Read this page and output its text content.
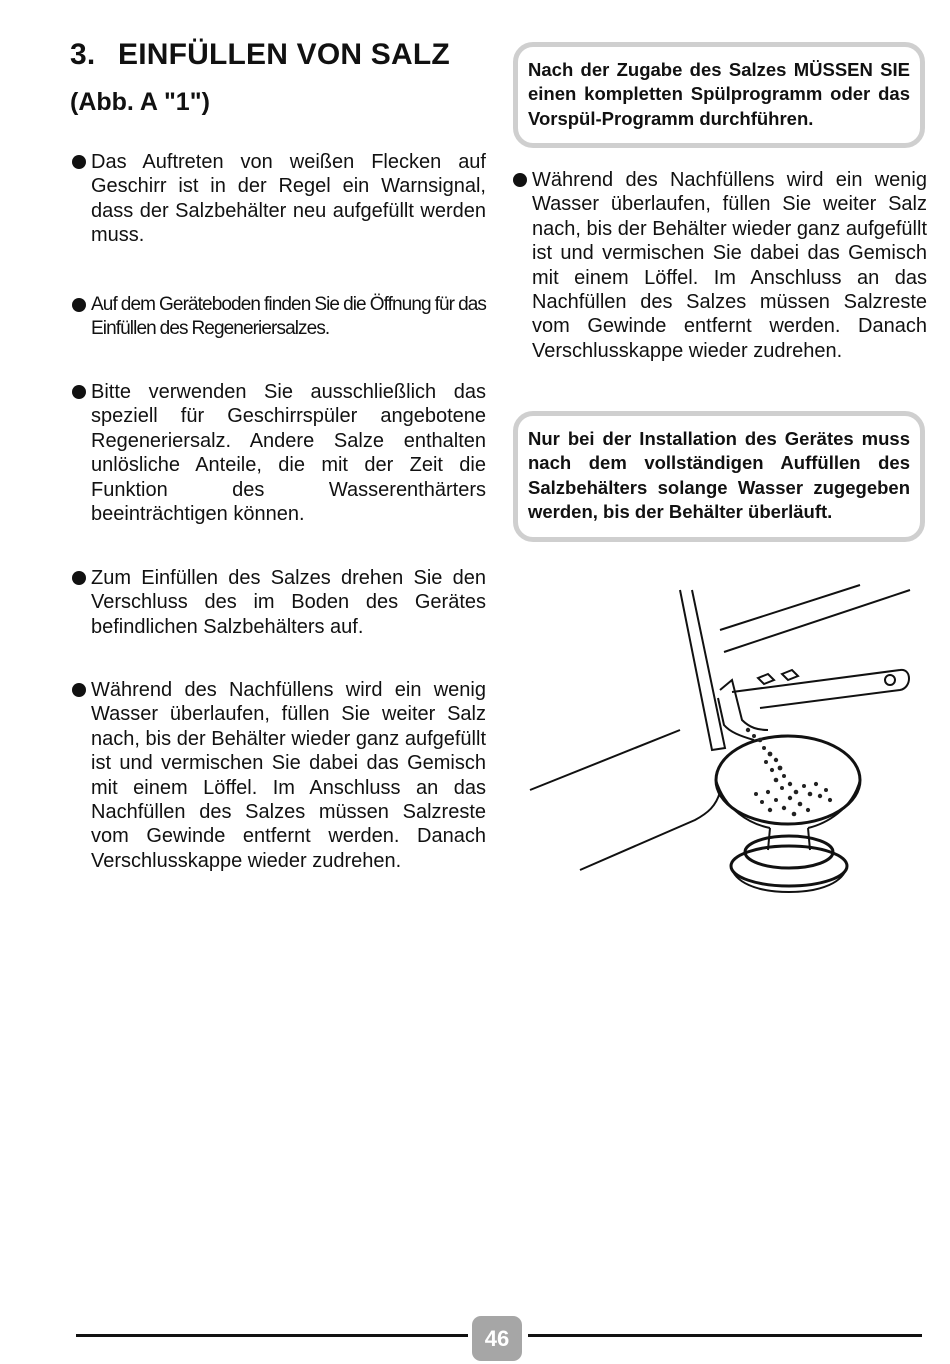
3. EINFÜLLEN VON SALZ
(Abb. A "1")

Das Auftreten von weißen Flecken auf Geschirr ist in der Regel ein Warnsignal, dass der Salzbehälter neu aufgefüllt werden muss.

Auf dem Geräteboden finden Sie die Öffnung für das Einfüllen des Regeneriersalzes.

Bitte verwenden Sie ausschließlich das speziell für Geschirrspüler angebotene Regeneriersalz. Andere Salze enthalten unlösliche Anteile, die mit der Zeit die Funktion des Wasserenthärters beeinträchtigen können.

Zum Einfüllen des Salzes drehen Sie den Verschluss des im Boden des Gerätes befindlichen Salzbehälters auf.

Während des Nachfüllens wird ein wenig Wasser überlaufen, füllen Sie weiter Salz nach, bis der Behälter wieder ganz aufgefüllt ist und vermischen Sie dabei das Gemisch mit einem Löffel. Im Anschluss an das Nachfüllen des Salzes müssen Salzreste vom Gewinde entfernt werden. Danach Verschlusskappe wieder zudrehen.

Nach der Zugabe des Salzes MÜSSEN SIE einen kompletten Spülprogramm oder das Vorspül-Programm durchführen.

Während des Nachfüllens wird ein wenig Wasser überlaufen, füllen Sie weiter Salz nach, bis der Behälter wieder ganz aufgefüllt ist und vermischen Sie dabei das Gemisch mit einem Löffel. Im Anschluss an das Nachfüllen des Salzes müssen Salzreste vom Gewinde entfernt werden. Danach Verschlusskappe wieder zudrehen.

Nur bei der Installation des Gerätes muss nach dem vollständigen Auffüllen des Salzbehälters solange Wasser zugegeben werden, bis der Behälter überläuft.
46
